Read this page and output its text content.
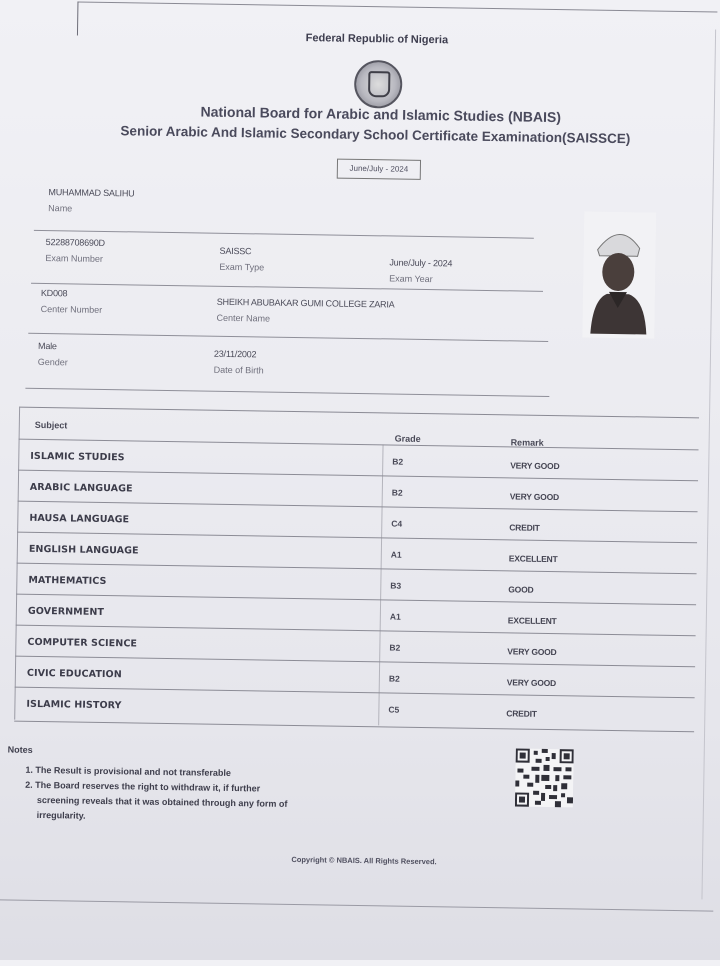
Federal Republic of Nigeria
National Board for Arabic and Islamic Studies (NBAIS)
Senior Arabic And Islamic Secondary School Certificate Examination(SAISSCE)
June/July - 2024
MUHAMMAD SALIHU
Name
52288708690D
Exam Number
SAISSC
Exam Type	June/July - 2024
Exam Year
KD008
Center Number	SHEIKH ABUBAKAR GUMI COLLEGE ZARIA
Center Name
Male
Gender
23/11/2002
Date of Birth
Subject
Grade	Remark
ISLAMIC STUDIES	B2	VERY GOOD
ARABIC LANGUAGE	B2	VERY GOOD
HAUSA LANGUAGE	C4	CREDIT
ENGLISH LANGUAGE	A1	EXCELLENT
MATHEMATICS	B3	GOOD
GOVERNMENT	A1	EXCELLENT
COMPUTER SCIENCE	B2	VERY GOOD
CIVIC EDUCATION	B2	VERY GOOD
ISLAMIC HISTORY	C5	CREDIT
Notes
1. The Result is provisional and not transferable
2. The Board reserves the right to withdraw it, if further
screening reveals that it was obtained through any form of
irregularity.
Copyright © NBAIS. All Rights Reserved.
